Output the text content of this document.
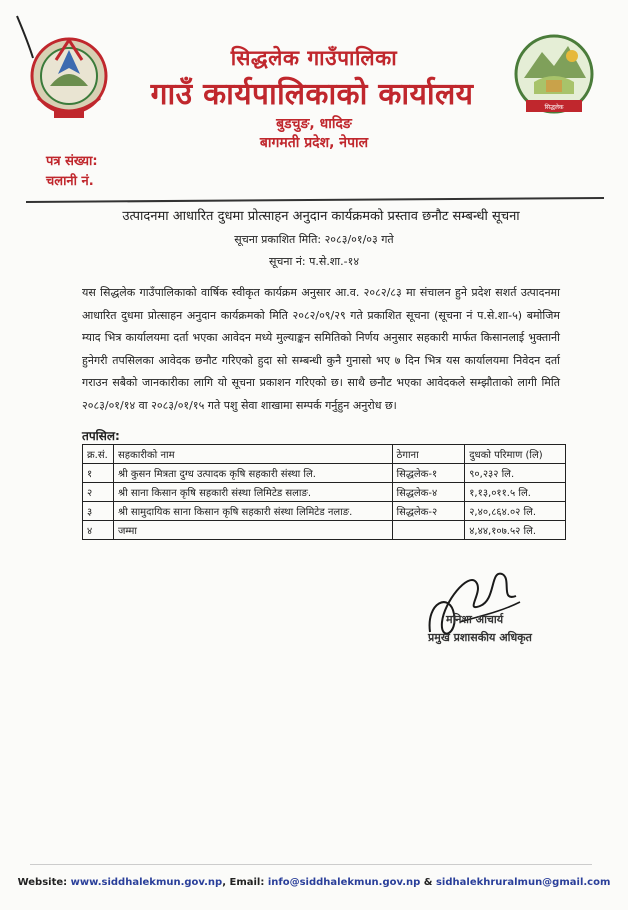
सिद्धलेक
सिद्धलेक गाउँपालिका
गाउँ कार्यपालिकाको कार्यालय
बुडचुङ, धादिङ
बागमती प्रदेश, नेपाल
पत्र संख्या:
चलानी नं.
उत्पादनमा आधारित दुधमा प्रोत्साहन अनुदान कार्यक्रमको प्रस्ताव छनौट सम्बन्धी सूचना
सूचना प्रकाशित मिति: २०८३/०१/०३ गते
सूचना नं: प.से.शा.-१४

यस सिद्धलेक गाउँपालिकाको वार्षिक स्वीकृत कार्यक्रम अनुसार आ.व. २०८२/८३ मा संचालन हुने प्रदेश सशर्त उत्पादनमा आधारित दुधमा प्रोत्साहन अनुदान कार्यक्रमको मिति २०८२/०९/२९ गते प्रकाशित सूचना (सूचना नं प.से.शा-५) बमोजिम म्याद भित्र कार्यालयमा दर्ता भएका आवेदन मध्ये मुल्याङ्कन समितिको निर्णय अनुसार सहकारी मार्फत किसानलाई भुक्तानी हुनेगरी तपसिलका आवेदक छनौट गरिएको हुदा सो सम्बन्धी कुनै गुनासो भए ७ दिन भित्र यस कार्यालयमा निवेदन दर्ता गराउन सबैको जानकारीका लागि यो सूचना प्रकाशन गरिएको छ। साथै छनौट भएका आवेदकले सम्झौताको लागी मिति २०८३/०१/१४ वा २०८३/०१/१५ गते पशु सेवा शाखामा सम्पर्क गर्नुहुन अनुरोध छ।

तपसिल:
क्र.सं.	सहकारीको नाम	ठेगाना	दुधको परिमाण (लि)
१	श्री कुसन मित्रता दुग्ध उत्पादक कृषि सहकारी संस्था लि.	सिद्धलेक-१	९०,२३२ लि.
२	श्री साना किसान कृषि सहकारी संस्था लिमिटेड सलाङ.	सिद्धलेक-४	१,१३,०११.५ लि.
३	श्री सामुदायिक साना किसान कृषि सहकारी संस्था लिमिटेड नलाङ.	सिद्धलेक-२	२,४०,८६४.०२ लि.
४	जम्मा		४,४४,१०७.५२ लि.
मनिशा आचार्य
प्रमुख प्रशासकीय अधिकृत
Website: www.siddhalekmun.gov.np, Email: info@siddhalekmun.gov.np & sidhalekhruralmun@gmail.com
